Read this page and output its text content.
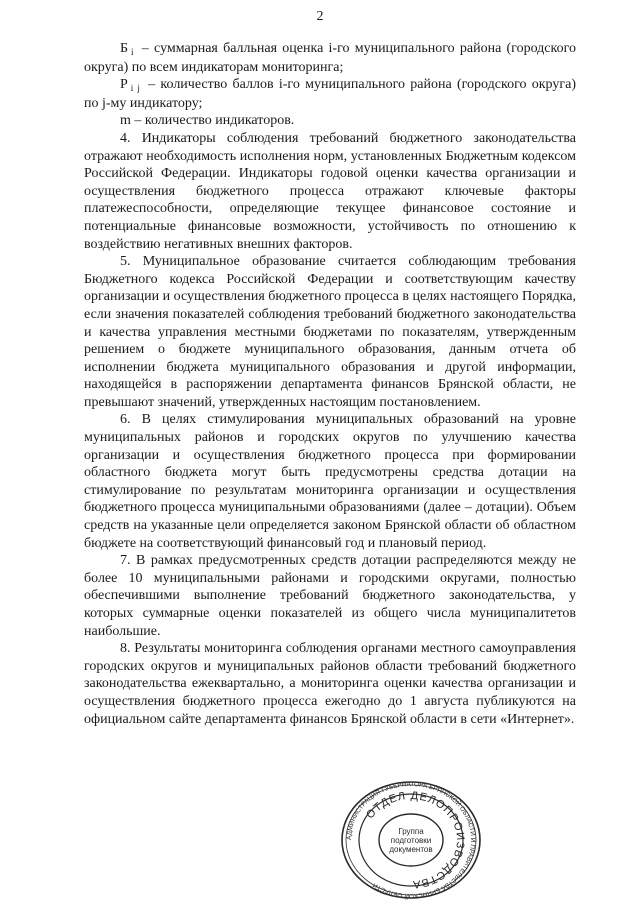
2

Б $_i$ – суммарная балльная оценка i-го муниципального района (городского округа) по всем индикаторам мониторинга;

Р $_{i j}$ – количество баллов i-го муниципального района (городского округа) по j-му индикатору;

m – количество индикаторов.

4. Индикаторы соблюдения требований бюджетного законодательства отражают необходимость исполнения норм, установленных Бюджетным кодексом Российской Федерации. Индикаторы годовой оценки качества организации и осуществления бюджетного процесса отражают ключевые факторы платежеспособности, определяющие текущее финансовое состояние и потенциальные финансовые возможности, устойчивость по отношению к воздействию негативных внешних факторов.

5. Муниципальное образование считается соблюдающим требования Бюджетного кодекса Российской Федерации и соответствующим качеству организации и осуществления бюджетного процесса в целях настоящего Порядка, если значения показателей соблюдения требований бюджетного законодательства и качества управления местными бюджетами по показателям, утвержденным решением о бюджете муниципального образования, данным отчета об исполнении бюджета муниципального образования и другой информации, находящейся в распоряжении департамента финансов Брянской области, не превышают значений, утвержденных настоящим постановлением.

6. В целях стимулирования муниципальных образований на уровне муниципальных районов и городских округов по улучшению качества организации и осуществления бюджетного процесса при формировании областного бюджета могут быть предусмотрены средства дотации на стимулирование по результатам мониторинга организации и осуществления бюджетного процесса муниципальными образованиями (далее – дотации). Объем средств на указанные цели определяется законом Брянской области об областном бюджете на соответствующий финансовый год и плановый период.

7. В рамках предусмотренных средств дотации распределяются между не более 10 муниципальными районами и городскими округами, полностью обеспечившими выполнение требований бюджетного законодательства, у которых суммарные оценки показателей из общего числа муниципалитетов наибольшие.

8. Результаты мониторинга соблюдения органами местного самоуправления городских округов и муниципальных районов области требований бюджетного законодательства ежеквартально, а мониторинга оценки качества организации и осуществления бюджетного процесса ежегодно до 1 августа публикуются на официальном сайте департамента финансов Брянской области в сети «Интернет».

АДМИНИСТРАЦИЯ ГУБЕРНАТОРА БРЯНСКОЙ ОБЛАСТИ И ПРАВИТЕЛЬСТВА БРЯНСКОЙ ОБЛАСТИ
ОТДЕЛ ДЕЛОПРОИЗВОДСТВА
Группа
подготовки
документов
